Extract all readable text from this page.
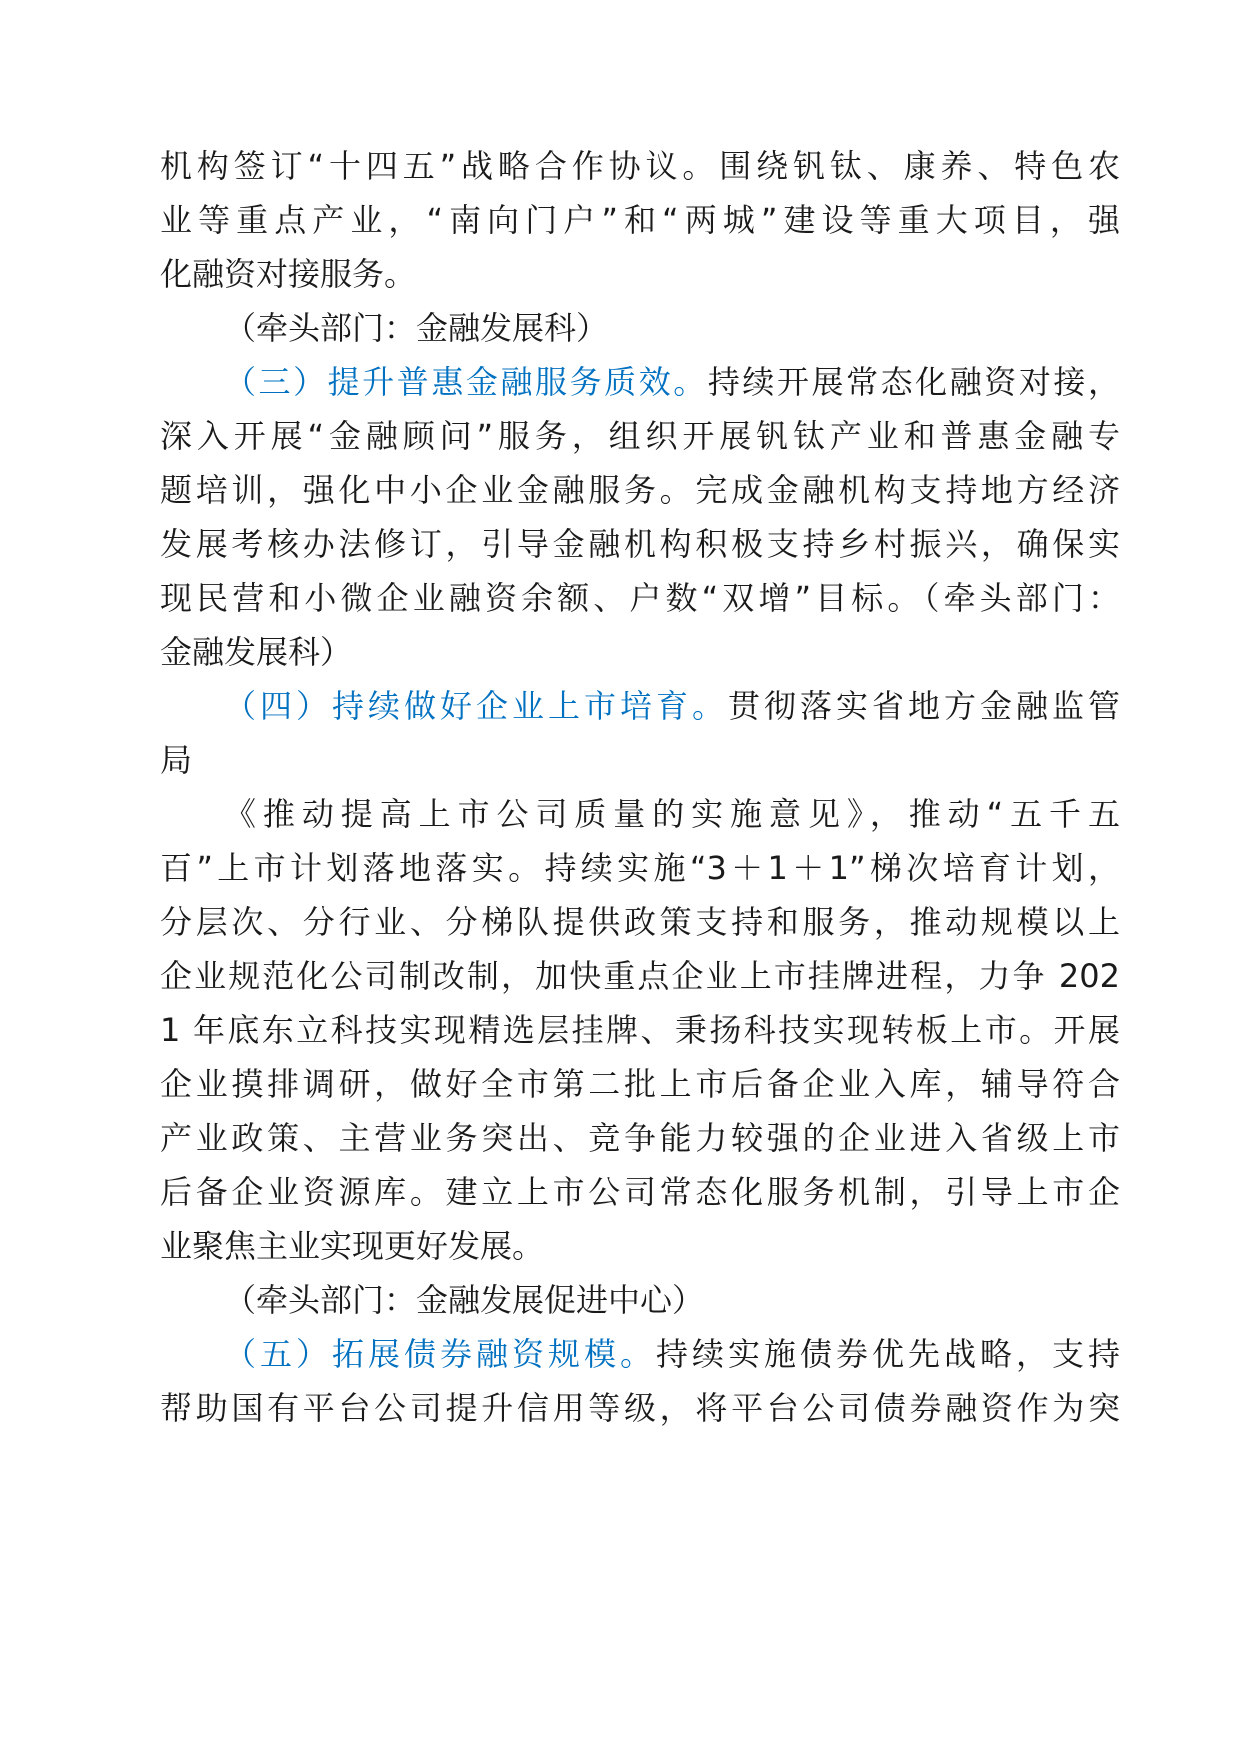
机构签订“十四五”战略合作协议。围绕钒钛、康养、特色农
业等重点产业，“南向门户”和“两城”建设等重大项目，强
化融资对接服务。
（牵头部门：金融发展科）
（三）提升普惠金融服务质效。持续开展常态化融资对接，
深入开展“金融顾问”服务，组织开展钒钛产业和普惠金融专
题培训，强化中小企业金融服务。完成金融机构支持地方经济
发展考核办法修订，引导金融机构积极支持乡村振兴，确保实
现民营和小微企业融资余额、户数“双增”目标。（牵头部门：
金融发展科）
（四）持续做好企业上市培育。贯彻落实省地方金融监管
局
《推动提高上市公司质量的实施意见》，推动“五千五
百”上市计划落地落实。持续实施“3＋1＋1”梯次培育计划，
分层次、分行业、分梯队提供政策支持和服务，推动规模以上
企业规范化公司制改制，加快重点企业上市挂牌进程，力争 202
1 年底东立科技实现精选层挂牌、秉扬科技实现转板上市。开展
企业摸排调研，做好全市第二批上市后备企业入库，辅导符合
产业政策、主营业务突出、竞争能力较强的企业进入省级上市
后备企业资源库。建立上市公司常态化服务机制，引导上市企
业聚焦主业实现更好发展。
（牵头部门：金融发展促进中心）
（五）拓展债券融资规模。持续实施债券优先战略，支持
帮助国有平台公司提升信用等级，将平台公司债券融资作为突
